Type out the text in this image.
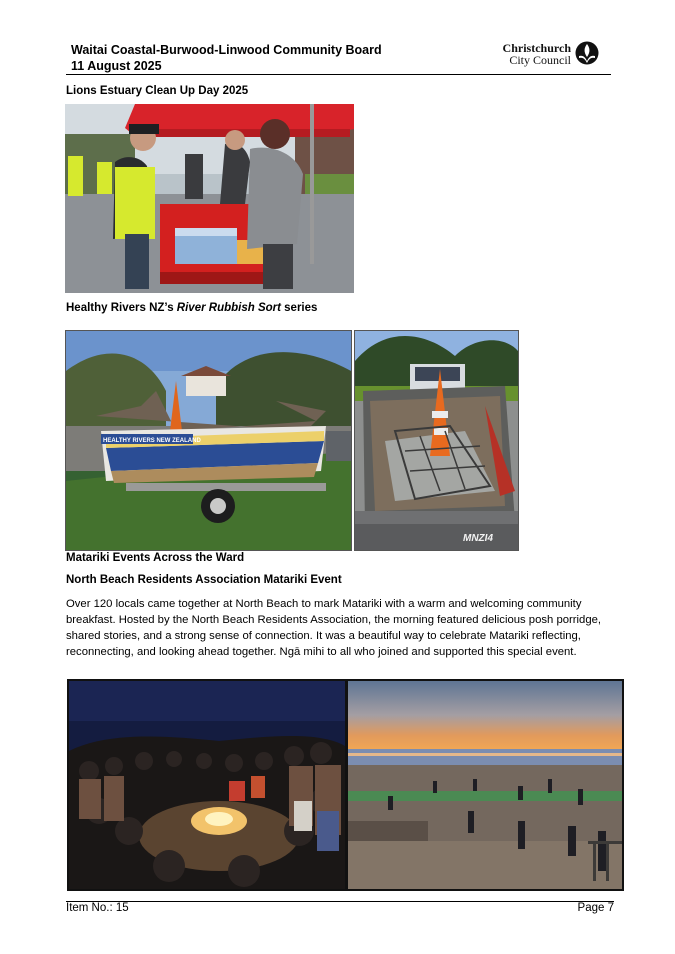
Waitai Coastal-Burwood-Linwood Community Board
11 August 2025
Christchurch
City Council
Lions Estuary Clean Up Day 2025
Healthy Rivers NZ’s River Rubbish Sort series
HEALTHY RIVERS NEW ZEALAND
MNZI4
Matariki Events Across the Ward
North Beach Residents Association Matariki Event
Over 120 locals came together at North Beach to mark Matariki with a warm and welcoming community breakfast. Hosted by the North Beach Residents Association, the morning featured delicious posh porridge, shared stories, and a strong sense of connection. It was a beautiful way to celebrate Matariki reflecting, reconnecting, and looking ahead together. Ngā mihi to all who joined and supported this special event.
Item No.: 15	Page 7
